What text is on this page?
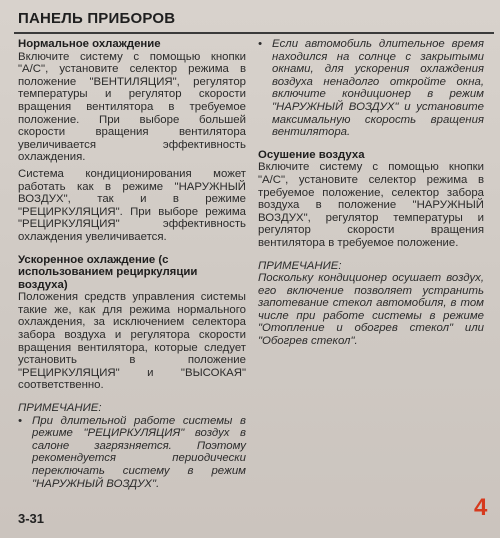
ПАНЕЛЬ ПРИБОРОВ
Нормальное охлаждение

Включите систему с помощью кнопки "A/C", установите селектор режима в положение "ВЕНТИЛЯЦИЯ", регулятор температуры и регулятор скорости вращения вентилятора в требуемое положение. При выборе большей скорости вращения вентилятора увеличивается эффективность охлаждения.

Система кондиционирования может работать как в режиме "НАРУЖНЫЙ ВОЗДУХ", так и в режиме "РЕЦИРКУЛЯЦИЯ". При выборе режима "РЕЦИРКУЛЯЦИЯ" эффективность охлаждения увеличивается.

Ускоренное охлаждение (с использованием рециркуляции воздуха)

Положения средств управления системы такие же, как для режима нормального охлаждения, за исключением селектора забора воздуха и регулятора скорости вращения вентилятора, которые следует установить в положение "РЕЦИРКУЛЯЦИЯ" и "ВЫСОКАЯ" соответственно.

ПРИМЕЧАНИЕ:
• При длительной работе системы в режиме "РЕЦИРКУЛЯЦИЯ" воздух в салоне загрязняется. Поэтому рекомендуется периодически переключать систему в режим "НАРУЖНЫЙ ВОЗДУХ".
• Если автомобиль длительное время находился на солнце с закрытыми окнами, для ускорения охлаждения воздуха ненадолго откройте окна, включите кондиционер в режим "НАРУЖНЫЙ ВОЗДУХ" и установите максимальную скорость вращения вентилятора.
Осушение воздуха

Включите систему с помощью кнопки "A/C", установите селектор режима в требуемое положение, селектор забора воздуха в положение "НАРУЖНЫЙ ВОЗДУХ", регулятор температуры и регулятор скорости вращения вентилятора в требуемое положение.

ПРИМЕЧАНИЕ:

Поскольку кондиционер осушает воздух, его включение позволяет устранить запотевание стекол автомобиля, в том числе при работе системы в режиме "Отопление и обогрев стекол" или "Обогрев стекол".

3-31	4
